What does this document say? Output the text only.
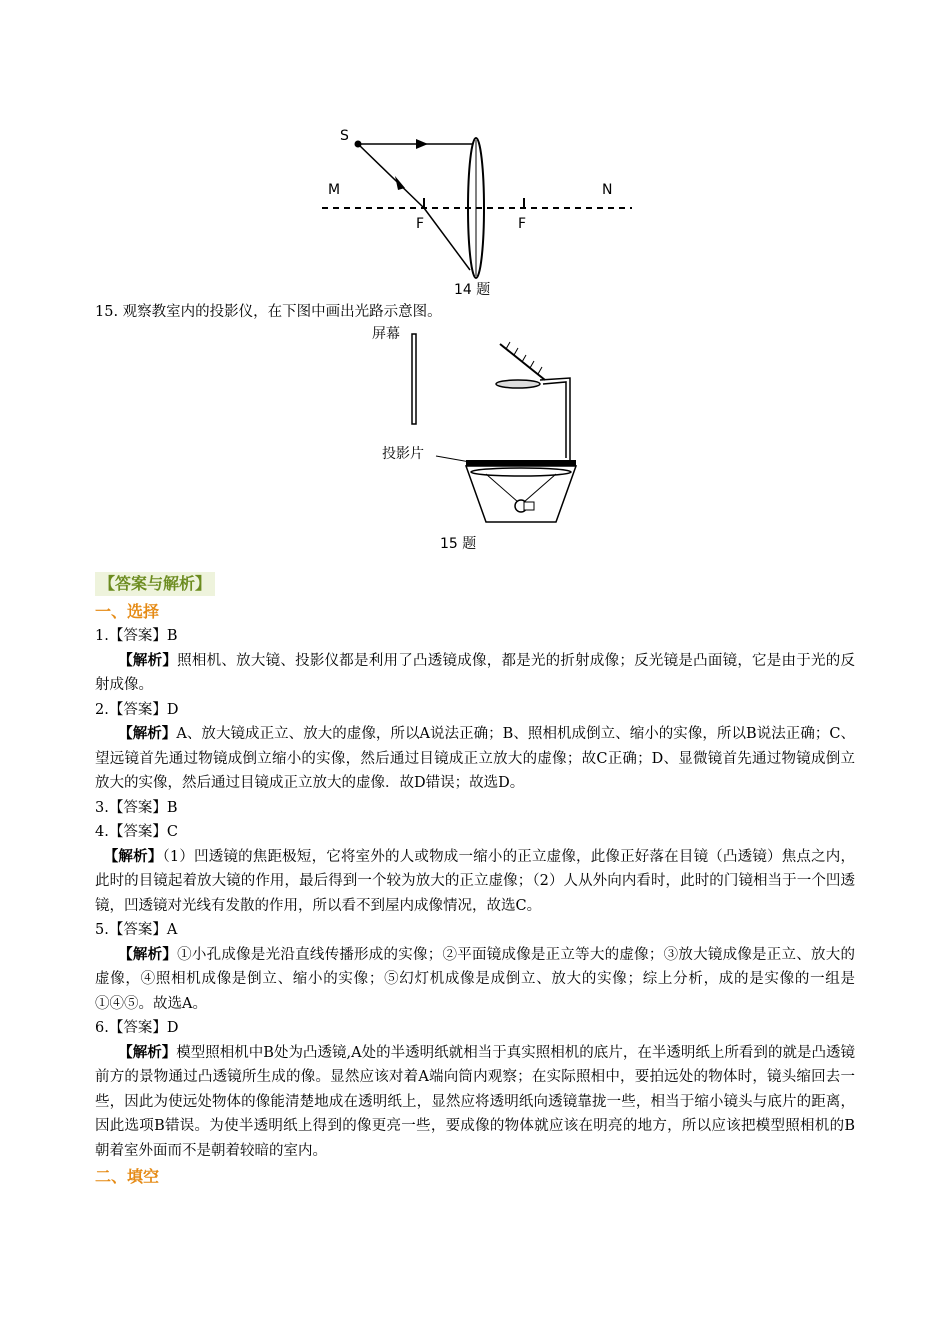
S
M	N
F	F
14 题
15. 观察教室内的投影仪，在下图中画出光路示意图。
屏幕
投影片
15 题
【答案与解析】
一、选择

1.【答案】B

【解析】照相机、放大镜、投影仪都是利用了凸透镜成像，都是光的折射成像；反光镜是凸面镜，它是由于光的反射成像。

2.【答案】D

【解析】A、放大镜成正立、放大的虚像，所以A说法正确；B、照相机成倒立、缩小的实像，所以B说法正确；C、望远镜首先通过物镜成倒立缩小的实像，然后通过目镜成正立放大的虚像；故C正确；D、显微镜首先通过物镜成倒立放大的实像，然后通过目镜成正立放大的虚像．故D错误；故选D。

3.【答案】B

4.【答案】C

【解析】（1）凹透镜的焦距极短，它将室外的人或物成一缩小的正立虚像，此像正好落在目镜（凸透镜）焦点之内，此时的目镜起着放大镜的作用，最后得到一个较为放大的正立虚像；（2）人从外向内看时，此时的门镜相当于一个凹透镜，凹透镜对光线有发散的作用，所以看不到屋内成像情况，故选C。

5.【答案】A

【解析】①小孔成像是光沿直线传播形成的实像；②平面镜成像是正立等大的虚像；③放大镜成像是正立、放大的虚像，④照相机成像是倒立、缩小的实像；⑤幻灯机成像是成倒立、放大的实像；综上分析，成的是实像的一组是①④⑤。故选A。

6.【答案】D

【解析】模型照相机中B处为凸透镜,A处的半透明纸就相当于真实照相机的底片，在半透明纸上所看到的就是凸透镜前方的景物通过凸透镜所生成的像。显然应该对着A端向筒内观察；在实际照相中，要拍远处的物体时，镜头缩回去一些，因此为使远处物体的像能清楚地成在透明纸上，显然应将透明纸向透镜靠拢一些，相当于缩小镜头与底片的距离，因此选项B错误。为使半透明纸上得到的像更亮一些，要成像的物体就应该在明亮的地方，所以应该把模型照相机的B朝着室外面而不是朝着较暗的室内。

二、填空
